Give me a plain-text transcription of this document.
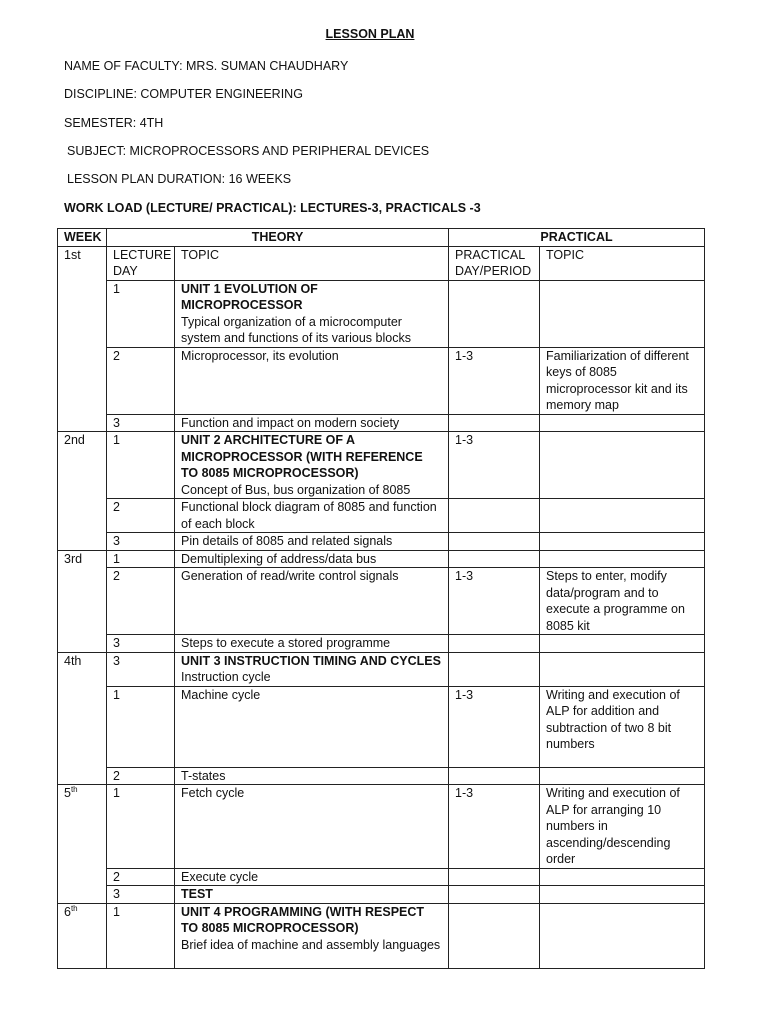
LESSON PLAN
NAME OF FACULTY: MRS. SUMAN CHAUDHARY
DISCIPLINE: COMPUTER ENGINEERING
SEMESTER: 4TH
SUBJECT: MICROPROCESSORS AND PERIPHERAL DEVICES
LESSON PLAN DURATION: 16 WEEKS
WORK LOAD (LECTURE/ PRACTICAL): LECTURES-3, PRACTICALS -3
WEEK	THEORY		PRACTICAL	
1st	LECTURE DAY	TOPIC	PRACTICAL DAY/PERIOD	TOPIC
	1	UNIT 1 EVOLUTION OF MICROPROCESSOR
Typical organization of a microcomputer system and functions of its various blocks		

	2	Microprocessor, its evolution	1-3	Familiarization of different keys of 8085 microprocessor kit and its memory map
	3	Function and impact on modern society		

2nd	1	UNIT 2 ARCHITECTURE OF A MICROPROCESSOR (WITH REFERENCE TO 8085 MICROPROCESSOR)
Concept of Bus, bus organization of 8085	1-3	
	2	Functional block diagram of 8085 and function of each block		

	3	Pin details of 8085 and related signals		

3rd	1	Demultiplexing of address/data bus		

	2	Generation of read/write control signals	1-3	Steps to enter, modify data/program and to execute a programme on 8085 kit
	3	Steps to execute a stored programme		

4th	3	UNIT 3 INSTRUCTION TIMING AND CYCLES
Instruction cycle		

	1	Machine cycle	1-3	Writing and execution of ALP for addition and subtraction of two 8 bit numbers
	2	T-states		

5th	1	Fetch cycle	1-3	Writing and execution of ALP for arranging 10 numbers in ascending/descending order
	2	Execute cycle		

	3	TEST		

6th	1	UNIT 4 PROGRAMMING (WITH RESPECT TO 8085 MICROPROCESSOR)
Brief idea of machine and assembly languages		
